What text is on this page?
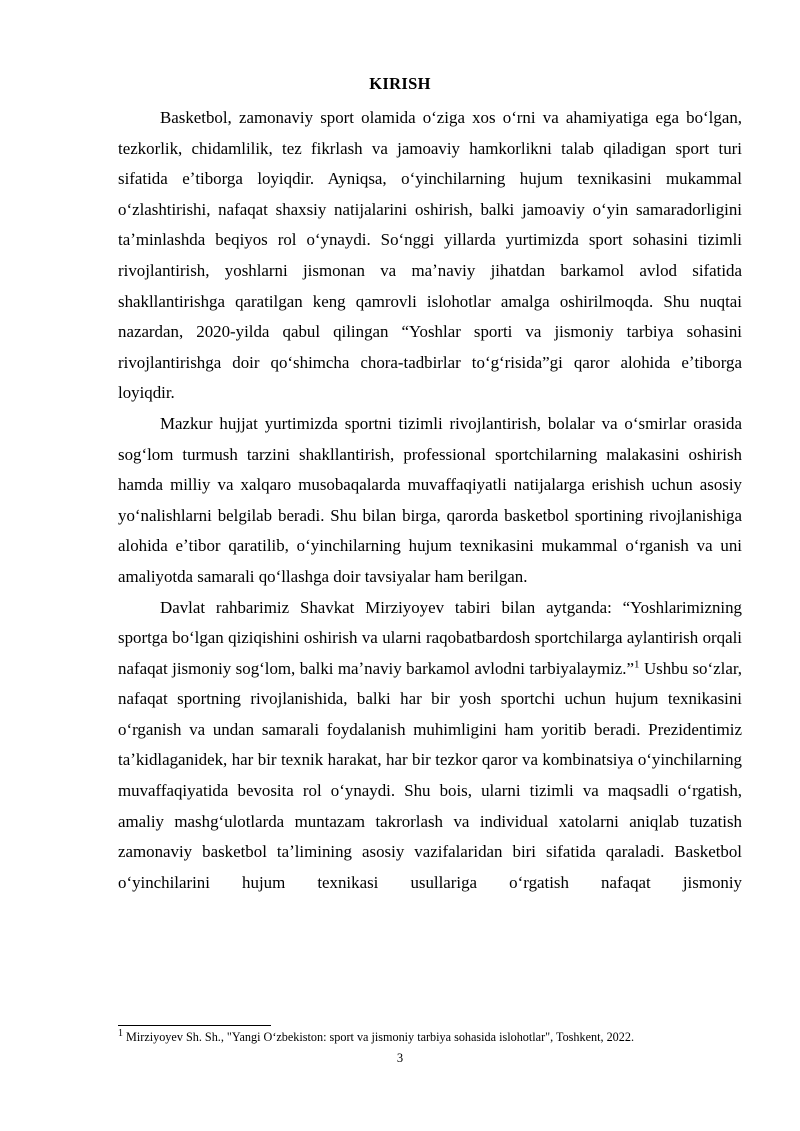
KIRISH

Basketbol, zamonaviy sport olamida oʻziga xos oʻrni va ahamiyatiga ega boʻlgan, tezkorlik, chidamlilik, tez fikrlash va jamoaviy hamkorlikni talab qiladigan sport turi sifatida eʼtiborga loyiqdir. Ayniqsa, oʻyinchilarning hujum texnikasini mukammal oʻzlashtirishi, nafaqat shaxsiy natijalarini oshirish, balki jamoaviy oʻyin samaradorligini taʼminlashda beqiyos rol oʻynaydi. Soʻnggi yillarda yurtimizda sport sohasini tizimli rivojlantirish, yoshlarni jismonan va maʼnaviy jihatdan barkamol avlod sifatida shakllantirishga qaratilgan keng qamrovli islohotlar amalga oshirilmoqda. Shu nuqtai nazardan, 2020-yilda qabul qilingan “Yoshlar sporti va jismoniy tarbiya sohasini rivojlantirishga doir qoʻshimcha chora-tadbirlar toʻgʻrisida”gi qaror alohida eʼtiborga loyiqdir.

Mazkur hujjat yurtimizda sportni tizimli rivojlantirish, bolalar va oʻsmirlar orasida sogʻlom turmush tarzini shakllantirish, professional sportchilarning malakasini oshirish hamda milliy va xalqaro musobaqalarda muvaffaqiyatli natijalarga erishish uchun asosiy yoʻnalishlarni belgilab beradi. Shu bilan birga, qarorda basketbol sportining rivojlanishiga alohida eʼtibor qaratilib, oʻyinchilarning hujum texnikasini mukammal oʻrganish va uni amaliyotda samarali qoʻllashga doir tavsiyalar ham berilgan.

Davlat rahbarimiz Shavkat Mirziyoyev tabiri bilan aytganda: “Yoshlarimizning sportga boʻlgan qiziqishini oshirish va ularni raqobatbardosh sportchilarga aylantirish orqali nafaqat jismoniy sogʻlom, balki maʼnaviy barkamol avlodni tarbiyalaymiz.”$^1$ Ushbu soʻzlar, nafaqat sportning rivojlanishida, balki har bir yosh sportchi uchun hujum texnikasini oʻrganish va undan samarali foydalanish muhimligini ham yoritib beradi. Prezidentimiz taʼkidlaganidek, har bir texnik harakat, har bir tezkor qaror va kombinatsiya oʻyinchilarning muvaffaqiyatida bevosita rol oʻynaydi. Shu bois, ularni tizimli va maqsadli oʻrgatish, amaliy mashgʻulotlarda muntazam takrorlash va individual xatolarni aniqlab tuzatish zamonaviy basketbol taʼlimining asosiy vazifalaridan biri sifatida qaraladi. Basketbol oʻyinchilarini hujum texnikasi usullariga oʻrgatish nafaqat jismoniy

$^1$ Mirziyoyev Sh. Sh., "Yangi Oʻzbekiston: sport va jismoniy tarbiya sohasida islohotlar", Toshkent, 2022.
3
